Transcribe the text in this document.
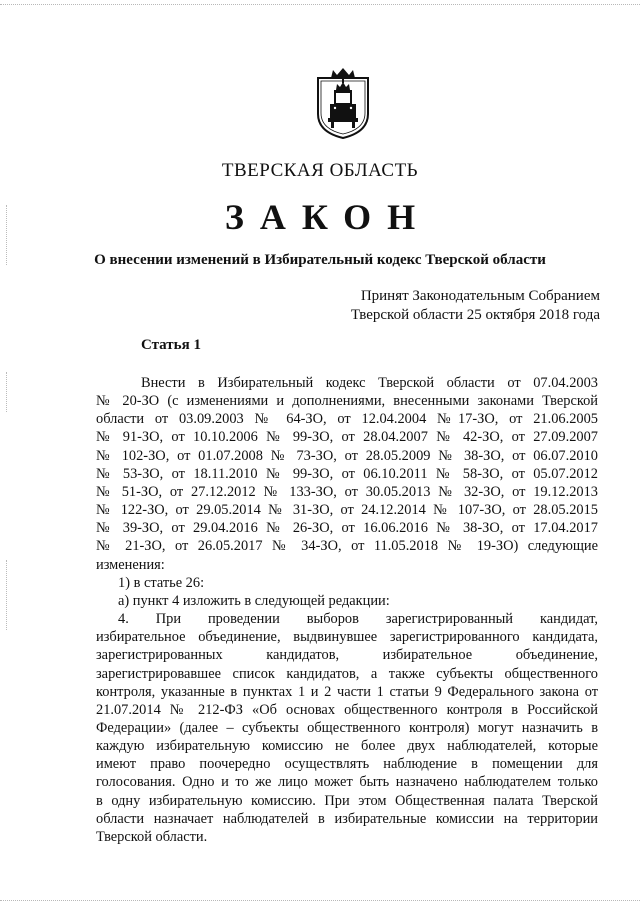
ТВЕРСКАЯ ОБЛАСТЬ
ЗАКОН
О внесении изменений в Избирательный кодекс Тверской области
Принят Законодательным Собранием
Тверской области 25 октября 2018 года
Статья 1

Внести в Избирательный кодекс Тверской области от 07.04.2003

№ 20-ЗО (с изменениями и дополнениями, внесенными законами Тверской

области от 03.09.2003 № 64-ЗО, от 12.04.2004 №17-ЗО, от 21.06.2005

№ 91-ЗО, от 10.10.2006 № 99-ЗО, от 28.04.2007 № 42-ЗО, от 27.09.2007

№ 102-ЗО, от 01.07.2008 № 73-ЗО, от 28.05.2009 № 38-ЗО, от 06.07.2010

№ 53-ЗО, от 18.11.2010 № 99-ЗО, от 06.10.2011 № 58-ЗО, от 05.07.2012

№ 51-ЗО, от 27.12.2012 № 133-ЗО, от 30.05.2013 № 32-ЗО, от 19.12.2013

№ 122-ЗО, от 29.05.2014 № 31-ЗО, от 24.12.2014 № 107-ЗО, от 28.05.2015

№ 39-ЗО, от 29.04.2016 № 26-ЗО, от 16.06.2016 № 38-ЗО, от 17.04.2017

№ 21-ЗО, от 26.05.2017 № 34-ЗО, от 11.05.2018 № 19-ЗО) следующие

изменения:

1) в статье 26:

а) пункт 4 изложить в следующей редакции:

4. При проведении выборов зарегистрированный кандидат,

избирательное объединение, выдвинувшее зарегистрированного кандидата,

зарегистрированных кандидатов, избирательное объединение,

зарегистрировавшее список кандидатов, а также субъекты общественного

контроля, указанные в пунктах 1 и 2 части 1 статьи 9 Федерального закона от

21.07.2014 № 212-ФЗ «Об основах общественного контроля в Российской

Федерации» (далее – субъекты общественного контроля) могут назначить в

каждую избирательную комиссию не более двух наблюдателей, которые

имеют право поочередно осуществлять наблюдение в помещении для

голосования. Одно и то же лицо может быть назначено наблюдателем только

в одну избирательную комиссию. При этом Общественная палата Тверской

области назначает наблюдателей в избирательные комиссии на территории

Тверской области.
